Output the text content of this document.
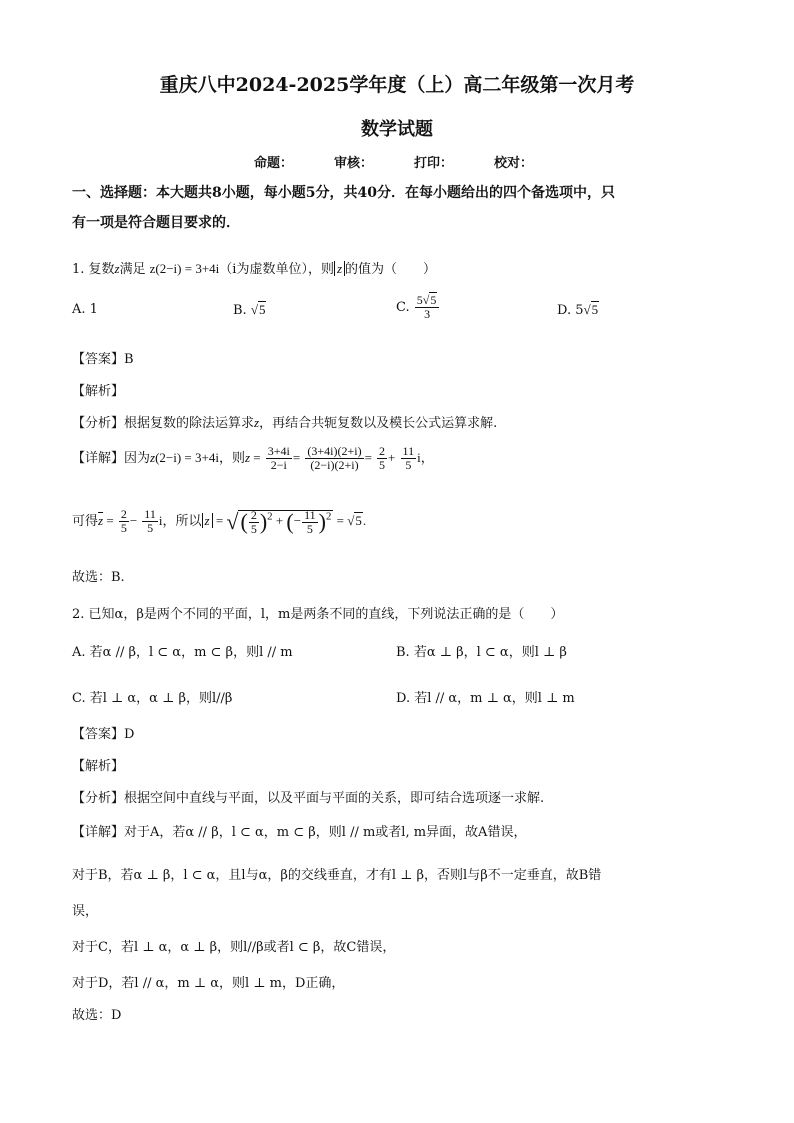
重庆八中2024-2025学年度（上）高二年级第一次月考
数学试题
命题：	审核：	打印：	校对：
一、选择题：本大题共8小题，每小题5分，共40分．在每小题给出的四个备选项中，只
有一项是符合题目要求的．
1. 复数z满足 z(2−i) = 3+4i（i为虚数单位），则 z 的值为（　　）
A. 1	B. √5	C. $\frac{5√5}{3}$	D. 5√5
【答案】B
【解析】
【分析】根据复数的除法运算求z，再结合共轭复数以及模长公式运算求解.
【详解】因为z(2−i) = 3+4i，则$z = \frac{3+4i}{2-i} = \frac{(3+4i)(2+i)}{(2-i)(2+i)} = \frac{2}{5} + \frac{11}{5}$ i，
可得$\overline{z} = \frac{2}{5} - \frac{11}{5}$ i，所以 z = √( $\frac{2}{5} )^2$ + (− $\frac{11}{5} )^2 = √5$.
故选：B.
2. 已知α，β是两个不同的平面，l，m是两条不同的直线，下列说法正确的是（　　）
A. 若α // β，l ⊂ α，m ⊂ β，则l // m	B. 若α ⊥ β，l ⊂ α，则l ⊥ β
C. 若l ⊥ α，α ⊥ β，则l//β	D. 若l // α，m ⊥ α，则l ⊥ m
【答案】D
【解析】
【分析】根据空间中直线与平面，以及平面与平面的关系，即可结合选项逐一求解.
【详解】对于A，若α // β，l ⊂ α，m ⊂ β，则l // m或者l, m异面，故A错误，
对于B，若α ⊥ β，l ⊂ α，且l与α，β的交线垂直，才有l ⊥ β，否则l与β不一定垂直，故B错
误，
对于C，若l ⊥ α，α ⊥ β，则l//β或者l ⊂ β，故C错误，
对于D，若l // α，m ⊥ α，则l ⊥ m，D正确，
故选：D
